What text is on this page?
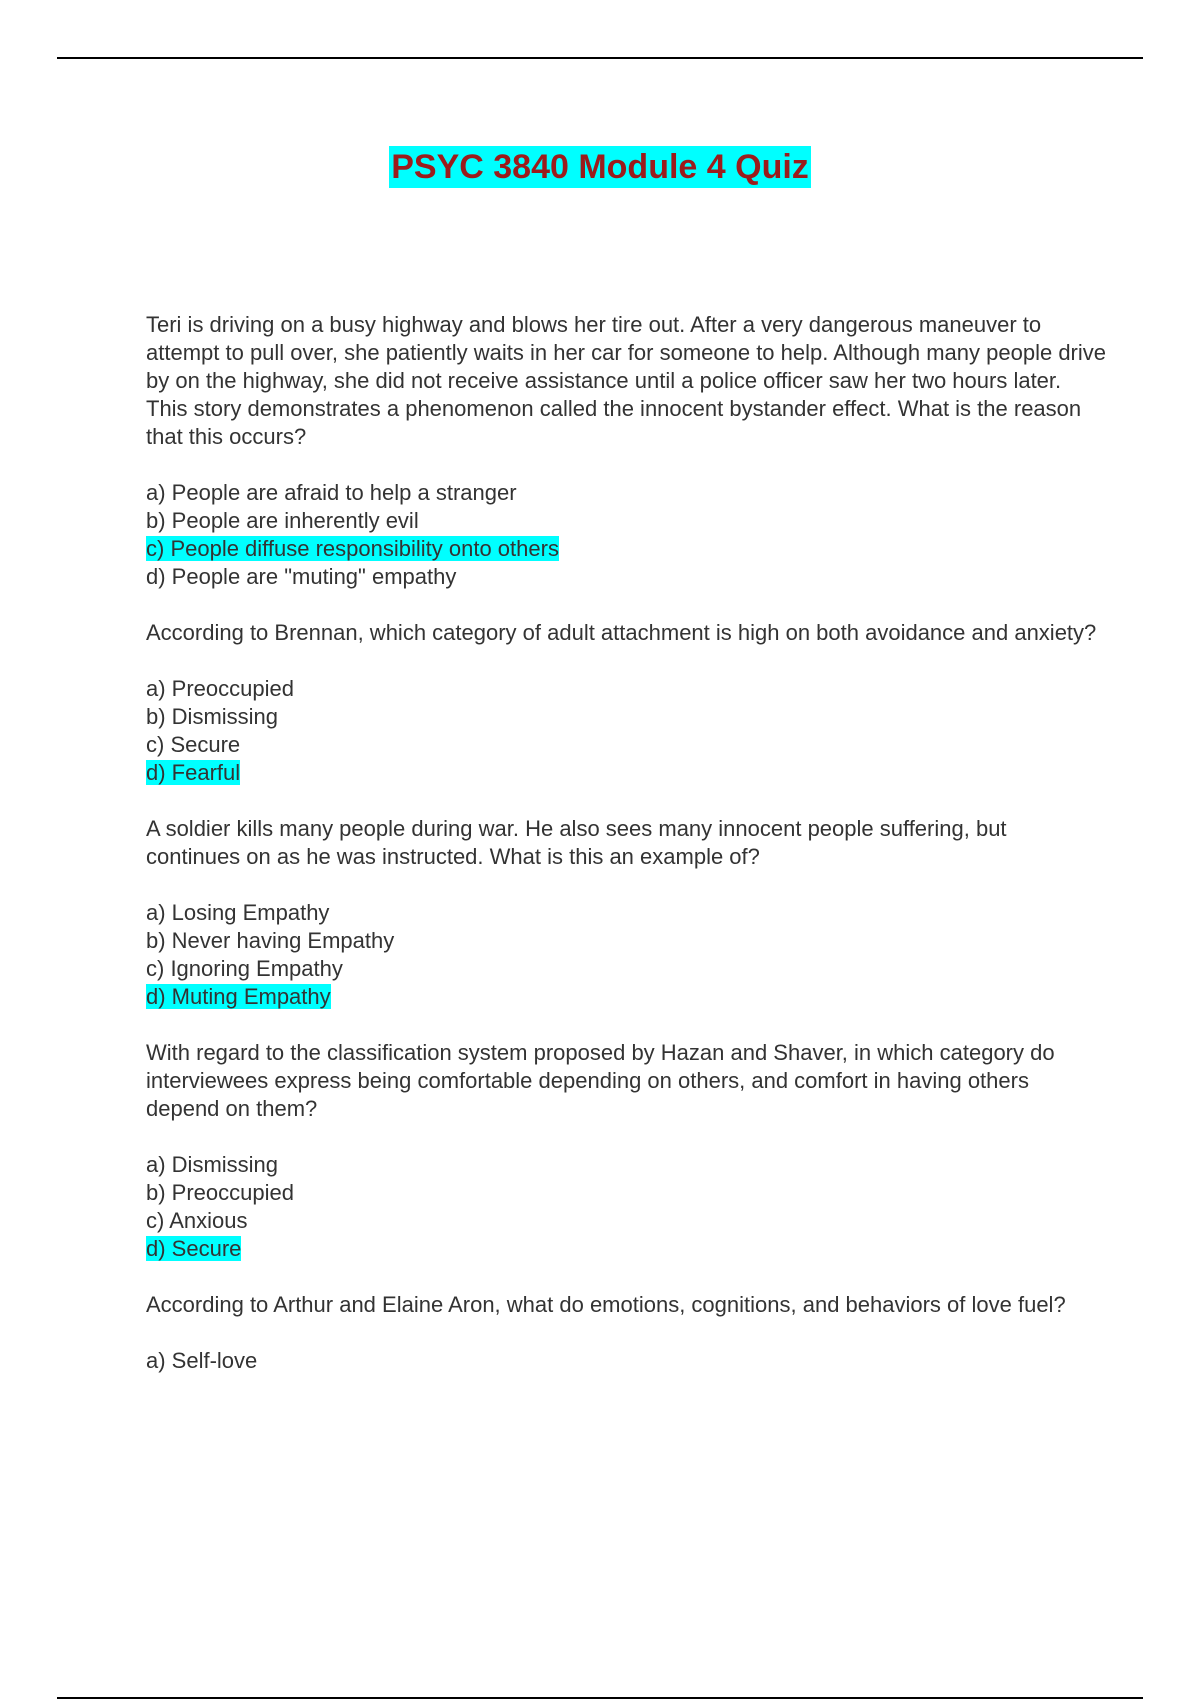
PSYC 3840 Module 4 Quiz
Teri is driving on a busy highway and blows her tire out. After a very dangerous maneuver to attempt to pull over, she patiently waits in her car for someone to help. Although many people drive by on the highway, she did not receive assistance until a police officer saw her two hours later. This story demonstrates a phenomenon called the innocent bystander effect. What is the reason that this occurs?
a) People are afraid to help a stranger
b) People are inherently evil
c) People diffuse responsibility onto others
d) People are "muting" empathy
According to Brennan, which category of adult attachment is high on both avoidance and anxiety?
a) Preoccupied
b) Dismissing
c) Secure
d) Fearful
A soldier kills many people during war. He also sees many innocent people suffering, but continues on as he was instructed. What is this an example of?
a) Losing Empathy
b) Never having Empathy
c) Ignoring Empathy
d) Muting Empathy
With regard to the classification system proposed by Hazan and Shaver, in which category do interviewees express being comfortable depending on others, and comfort in having others depend on them?
a) Dismissing
b) Preoccupied
c) Anxious
d) Secure
According to Arthur and Elaine Aron, what do emotions, cognitions, and behaviors of love fuel?
a) Self-love
